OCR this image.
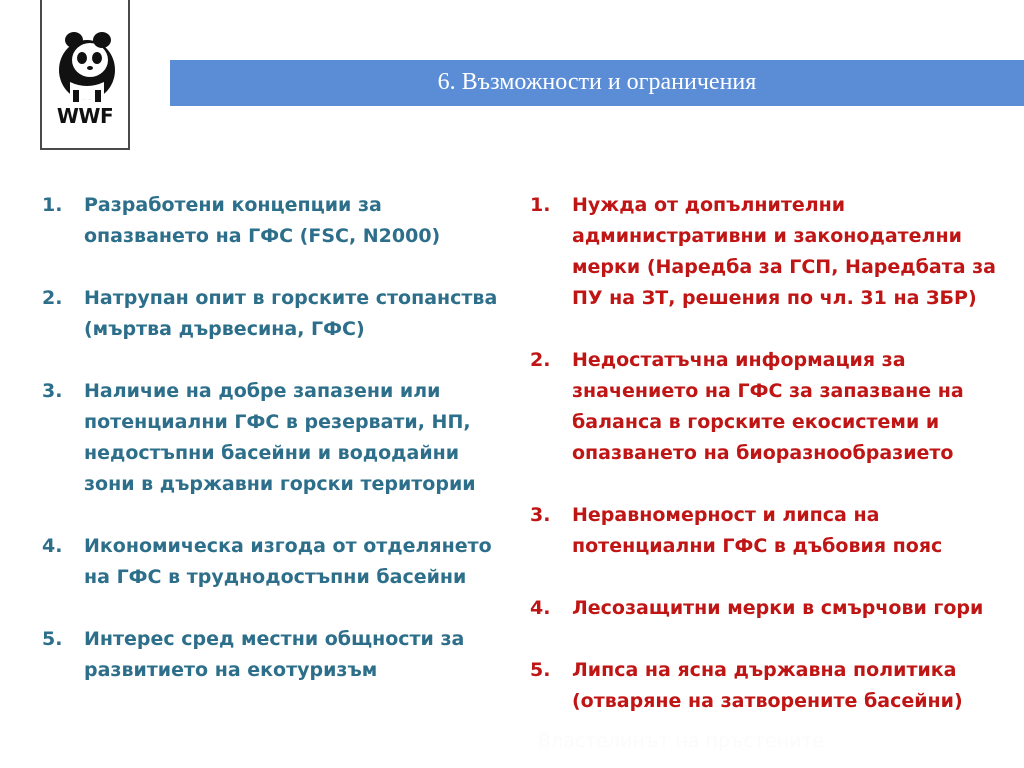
WWF
6. Възможности и ограничения
1. Разработени концепции за опазването на ГФС (FSC, N2000)
2. Натрупан опит в горските стопанства (мъртва дървесина, ГФС)
3. Наличие на добре запазени или потенциални ГФС в резервати, НП, недостъпни басейни и вододайни зони в държавни горски територии
4. Икономическа изгода от отделянето на ГФС в труднодостъпни басейни
5. Интерес сред местни общности за развитието на екотуризъм
1. Нужда от допълнителни административни и законодателни мерки (Наредба за ГСП, Наредбата за ПУ на ЗТ, решения по чл. 31 на ЗБР)
2. Недостатъчна информация за значението на ГФС за запазване на баланса в горските екосистеми и опазването на биоразнообразието
3. Неравномерност и липса на потенциални ГФС в дъбовия пояс
4. Лесозащитни мерки в смърчови гори
5. Липса на ясна държавна политика (отваряне на затворените басейни)
Властелинът на пръстените
